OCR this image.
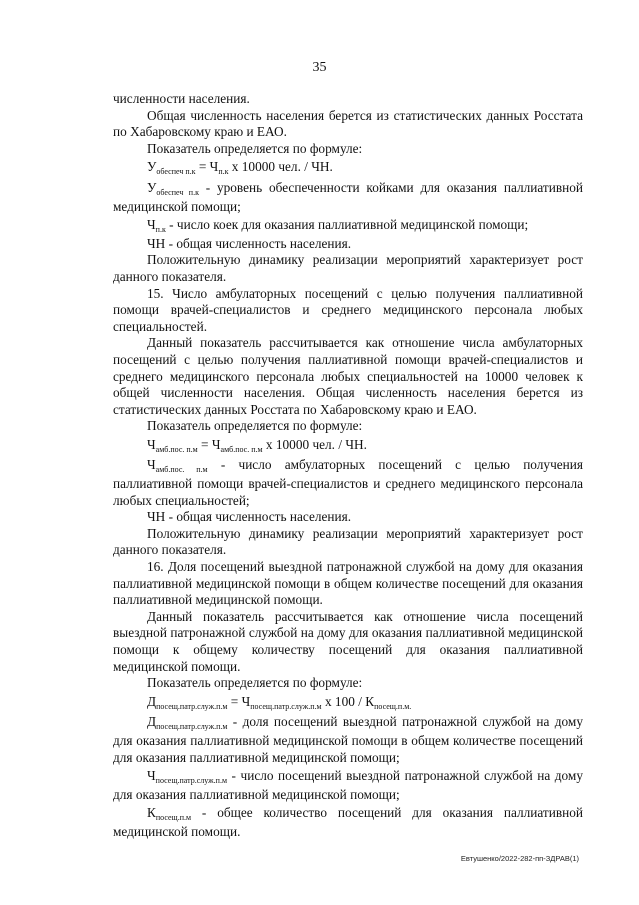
35

численности населения.

Общая численность населения берется из статистических данных Росстата по Хабаровскому краю и ЕАО.

Показатель определяется по формуле:

$У_{обеспеч п.к} = Ч_{п.к}$ х 10000 чел. / ЧН.

$У_{обеспеч п.к}$ - уровень обеспеченности койками для оказания паллиативной медицинской помощи;

$Ч_{п.к}$ - число коек для оказания паллиативной медицинской помощи;

ЧН - общая численность населения.

Положительную динамику реализации мероприятий характеризует рост данного показателя.

15. Число амбулаторных посещений с целью получения паллиативной помощи врачей-специалистов и среднего медицинского персонала любых специальностей.

Данный показатель рассчитывается как отношение числа амбулаторных посещений с целью получения паллиативной помощи врачей-специалистов и среднего медицинского персонала любых специальностей на 10000 человек к общей численности населения. Общая численность населения берется из статистических данных Росстата по Хабаровскому краю и ЕАО.

Показатель определяется по формуле:

$Ч_{амб.пос. п.м} = Ч_{амб.пос. п.м}$ х 10000 чел. / ЧН.

$Ч_{амб.пос. п.м}$ - число амбулаторных посещений с целью получения паллиативной помощи врачей-специалистов и среднего медицинского персонала любых специальностей;

ЧН - общая численность населения.

Положительную динамику реализации мероприятий характеризует рост данного показателя.

16. Доля посещений выездной патронажной службой на дому для оказания паллиативной медицинской помощи в общем количестве посещений для оказания паллиативной медицинской помощи.

Данный показатель рассчитывается как отношение числа посещений выездной патронажной службой на дому для оказания паллиативной медицинской помощи к общему количеству посещений для оказания паллиативной медицинской помощи.

Показатель определяется по формуле:

$Д_{посещ.патр.служ.п.м} = Ч_{посещ.патр.служ.п.м}$ х $100 / К_{посещ.п.м.}$

$Д_{посещ.патр.служ.п.м}$ - доля посещений выездной патронажной службой на дому для оказания паллиативной медицинской помощи в общем количестве посещений для оказания паллиативной медицинской помощи;

$Ч_{посещ.патр.служ.п.м}$ - число посещений выездной патронажной службой на дому для оказания паллиативной медицинской помощи;

$К_{посещ.п.м}$ - общее количество посещений для оказания паллиативной медицинской помощи.

Евтушенко/2022-282-пп-ЗДРАВ(1)
